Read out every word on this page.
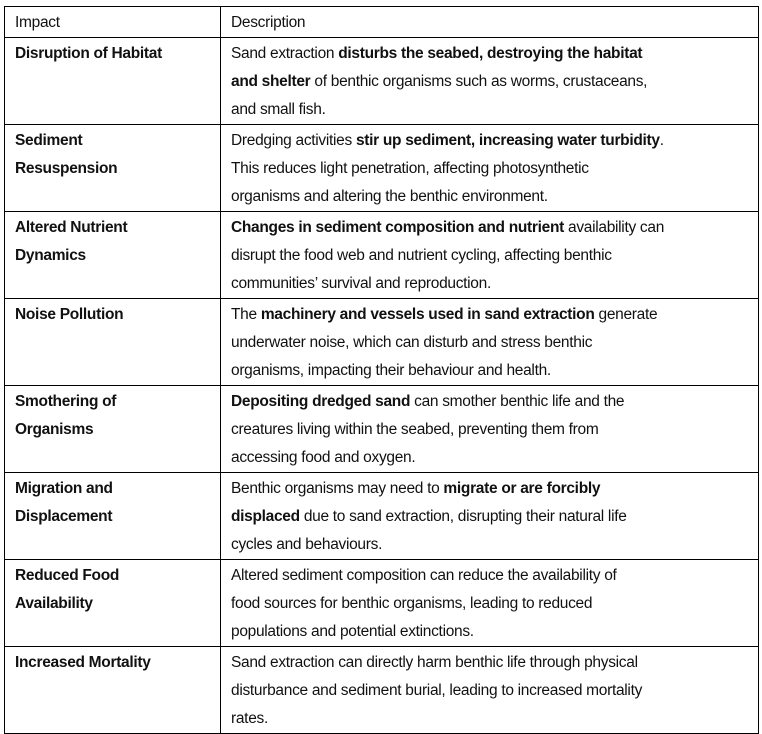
Impact	Description

Disruption of Habitat	Sand extraction disturbs the seabed, destroying the habitat
and shelter of benthic organisms such as worms, crustaceans,
and small fish.

Sediment
Resuspension	Dredging activities stir up sediment, increasing water turbidity.
This reduces light penetration, affecting photosynthetic
organisms and altering the benthic environment.

Altered Nutrient
Dynamics	Changes in sediment composition and nutrient availability can
disrupt the food web and nutrient cycling, affecting benthic
communities’ survival and reproduction.

Noise Pollution	The machinery and vessels used in sand extraction generate
underwater noise, which can disturb and stress benthic
organisms, impacting their behaviour and health.

Smothering of
Organisms	Depositing dredged sand can smother benthic life and the
creatures living within the seabed, preventing them from
accessing food and oxygen.

Migration and
Displacement	Benthic organisms may need to migrate or are forcibly
displaced due to sand extraction, disrupting their natural life
cycles and behaviours.

Reduced Food
Availability	Altered sediment composition can reduce the availability of
food sources for benthic organisms, leading to reduced
populations and potential extinctions.

Increased Mortality	Sand extraction can directly harm benthic life through physical
disturbance and sediment burial, leading to increased mortality
rates.
